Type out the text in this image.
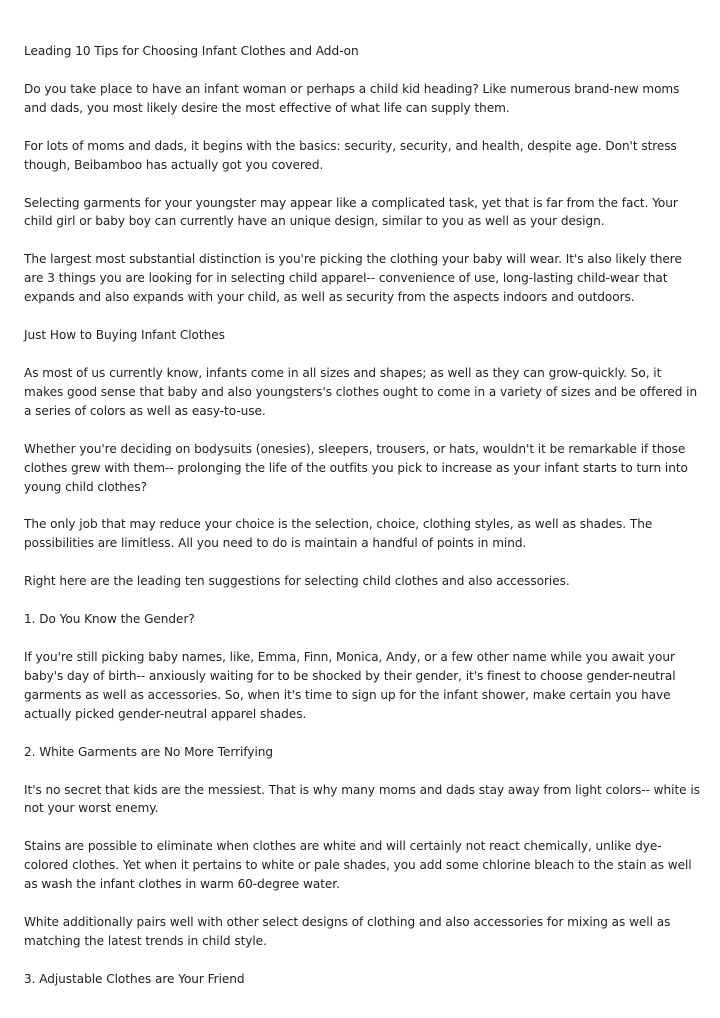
Leading 10 Tips for Choosing Infant Clothes and Add-on

Do you take place to have an infant woman or perhaps a child kid heading? Like numerous brand-new moms and dads, you most likely desire the most effective of what life can supply them.

For lots of moms and dads, it begins with the basics: security, security, and health, despite age. Don't stress though, Beibamboo has actually got you covered.

Selecting garments for your youngster may appear like a complicated task, yet that is far from the fact. Your child girl or baby boy can currently have an unique design, similar to you as well as your design.

The largest most substantial distinction is you're picking the clothing your baby will wear. It's also likely there are 3 things you are looking for in selecting child apparel-- convenience of use, long-lasting child-wear that expands and also expands with your child, as well as security from the aspects indoors and outdoors.

Just How to Buying Infant Clothes

As most of us currently know, infants come in all sizes and shapes; as well as they can grow-quickly. So, it makes good sense that baby and also youngsters's clothes ought to come in a variety of sizes and be offered in a series of colors as well as easy-to-use.

Whether you're deciding on bodysuits (onesies), sleepers, trousers, or hats, wouldn't it be remarkable if those clothes grew with them-- prolonging the life of the outfits you pick to increase as your infant starts to turn into young child clothes?

The only job that may reduce your choice is the selection, choice, clothing styles, as well as shades. The possibilities are limitless. All you need to do is maintain a handful of points in mind.

Right here are the leading ten suggestions for selecting child clothes and also accessories.

1. Do You Know the Gender?

If you're still picking baby names, like, Emma, Finn, Monica, Andy, or a few other name while you await your baby's day of birth-- anxiously waiting for to be shocked by their gender, it's finest to choose gender-neutral garments as well as accessories. So, when it's time to sign up for the infant shower, make certain you have actually picked gender-neutral apparel shades.

2. White Garments are No More Terrifying

It's no secret that kids are the messiest. That is why many moms and dads stay away from light colors-- white is not your worst enemy.

Stains are possible to eliminate when clothes are white and will certainly not react chemically, unlike dye-colored clothes. Yet when it pertains to white or pale shades, you add some chlorine bleach to the stain as well as wash the infant clothes in warm 60-degree water.

White additionally pairs well with other select designs of clothing and also accessories for mixing as well as matching the latest trends in child style.

3. Adjustable Clothes are Your Friend
